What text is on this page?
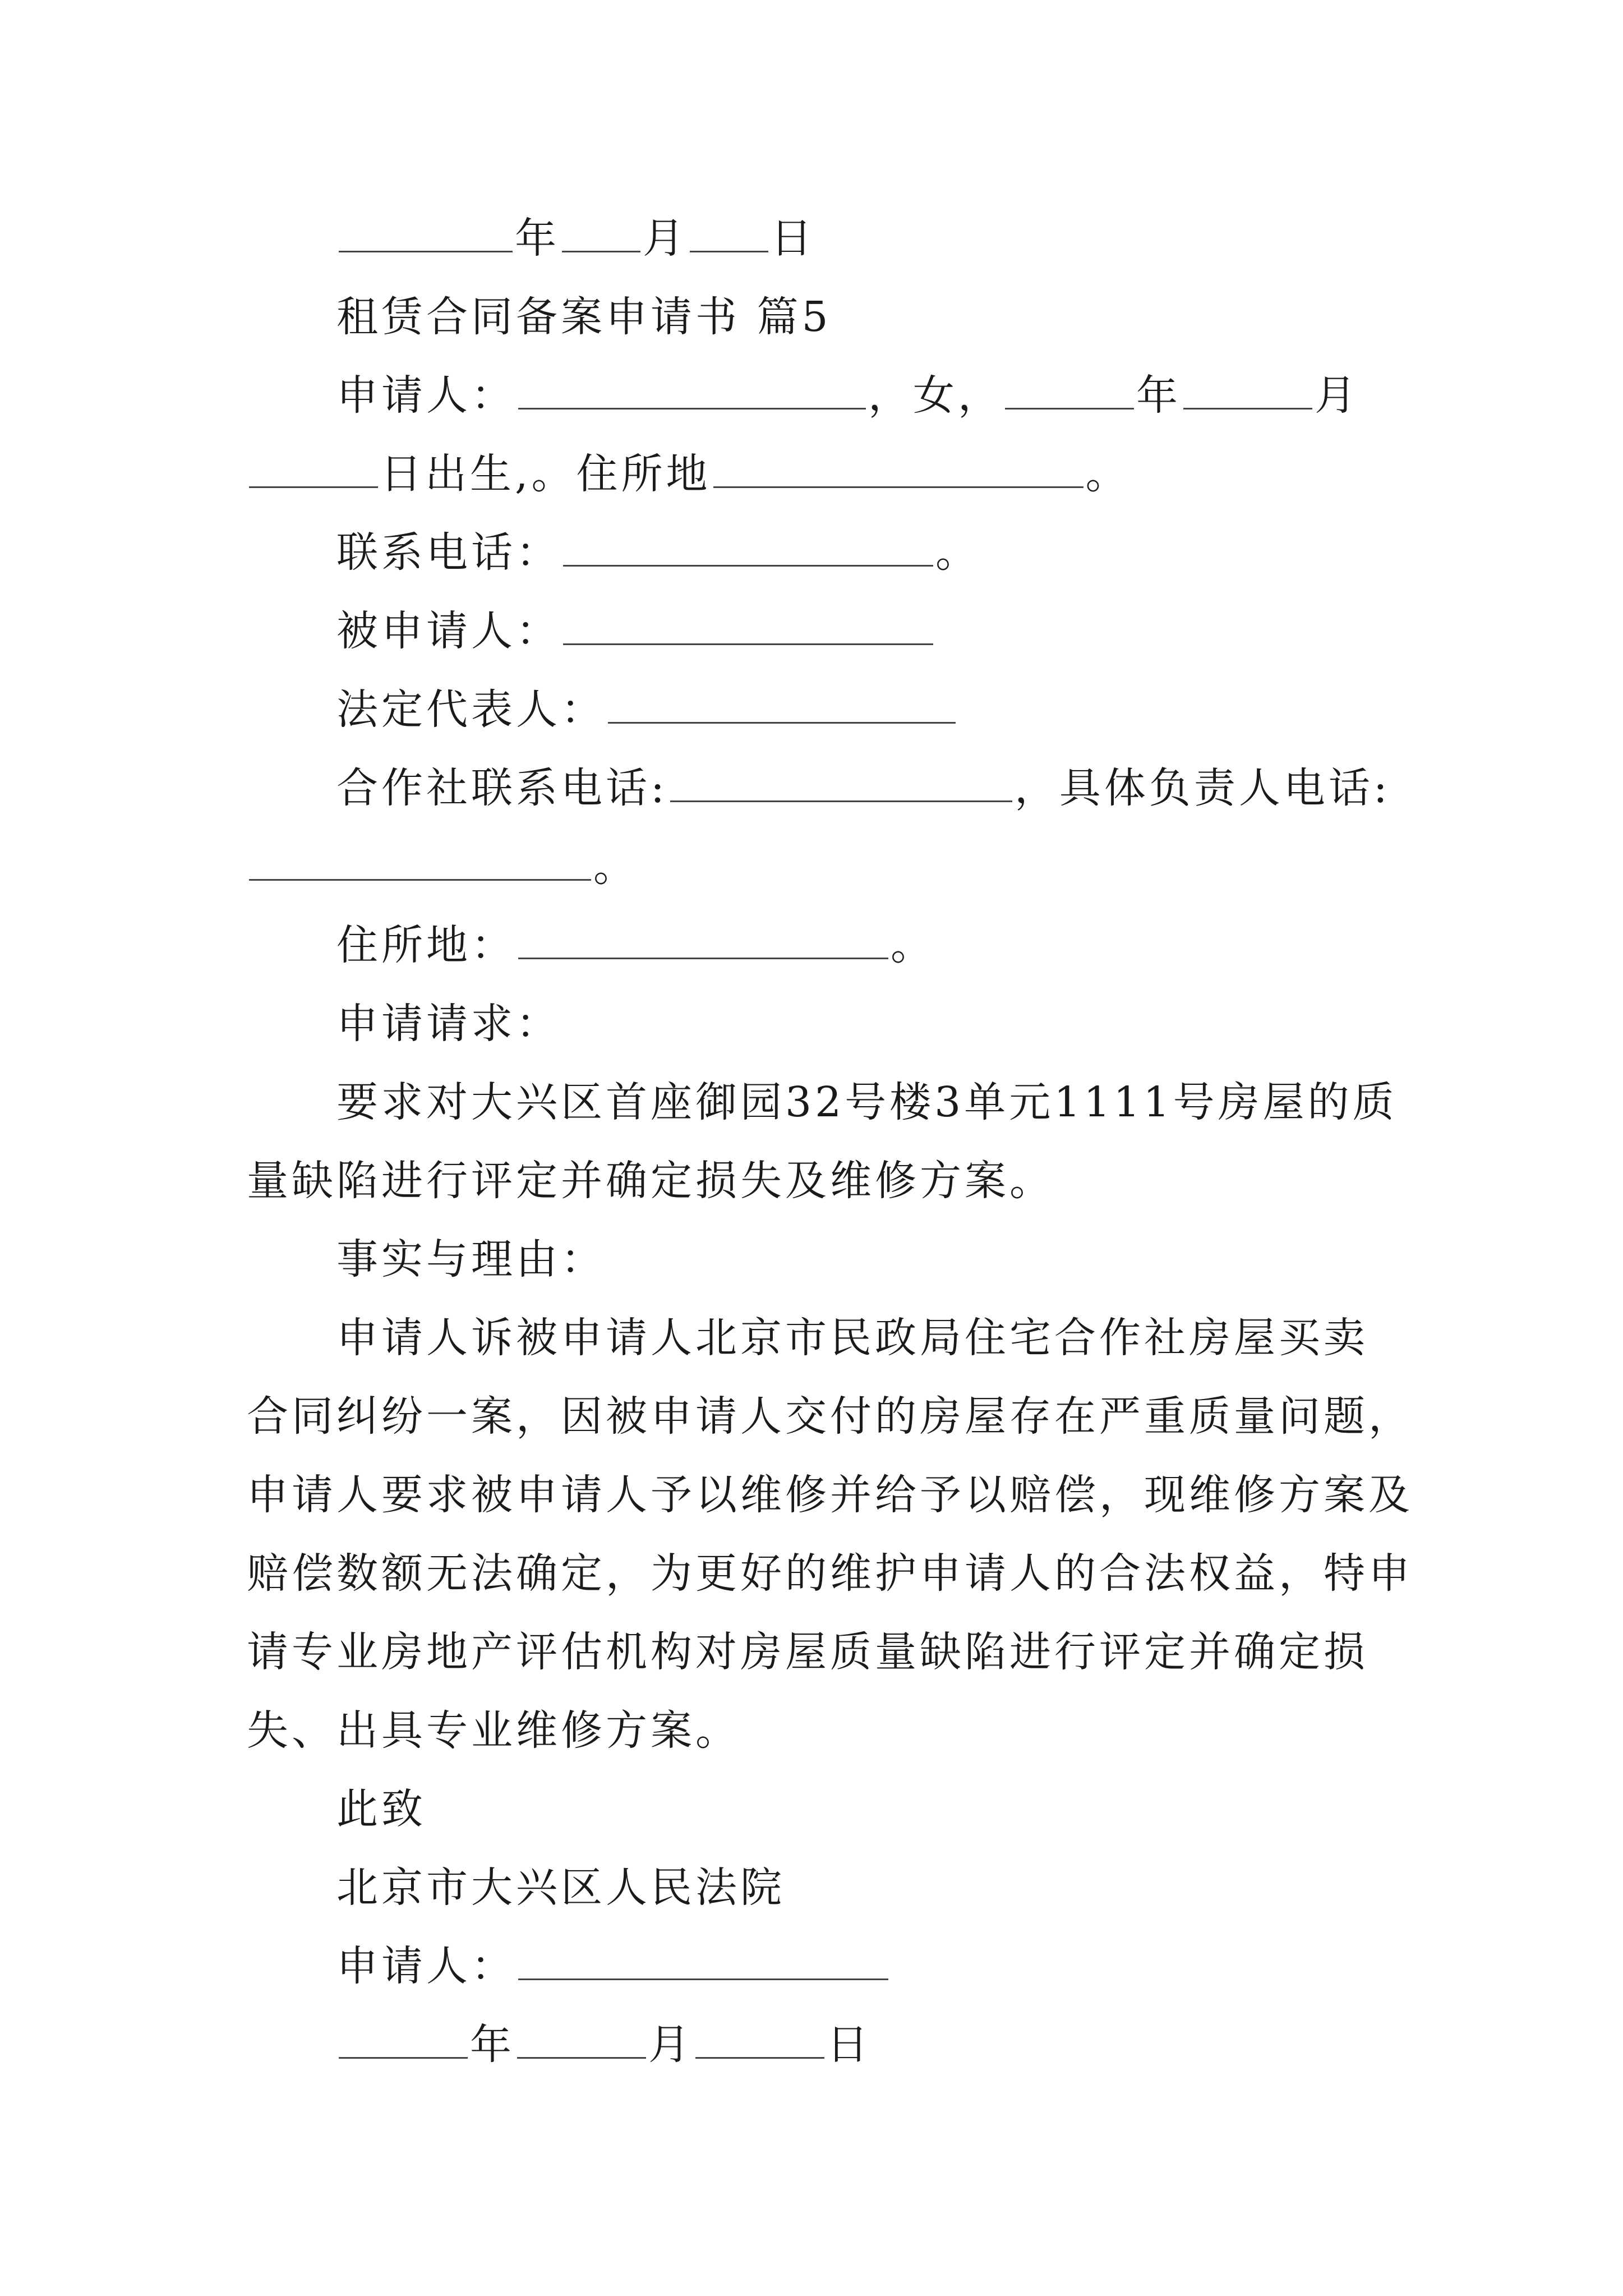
年 月 日
租赁合同备案申请书 篇5
申请人：	，女，	年	月
日出生,。住所地	。
联系电话：	。
被申请人：
法定代表人：
合作社联系电话:	，具体负责人电话:
。
住所地：	。
申请请求：
要求对大兴区首座御园32号楼3单元1111号房屋的质
量缺陷进行评定并确定损失及维修方案。
事实与理由：
申请人诉被申请人北京市民政局住宅合作社房屋买卖
合同纠纷一案，因被申请人交付的房屋存在严重质量问题，
申请人要求被申请人予以维修并给予以赔偿，现维修方案及
赔偿数额无法确定，为更好的维护申请人的合法权益，特申
请专业房地产评估机构对房屋质量缺陷进行评定并确定损
失、出具专业维修方案。
此致
北京市大兴区人民法院
申请人：
年	月	日
